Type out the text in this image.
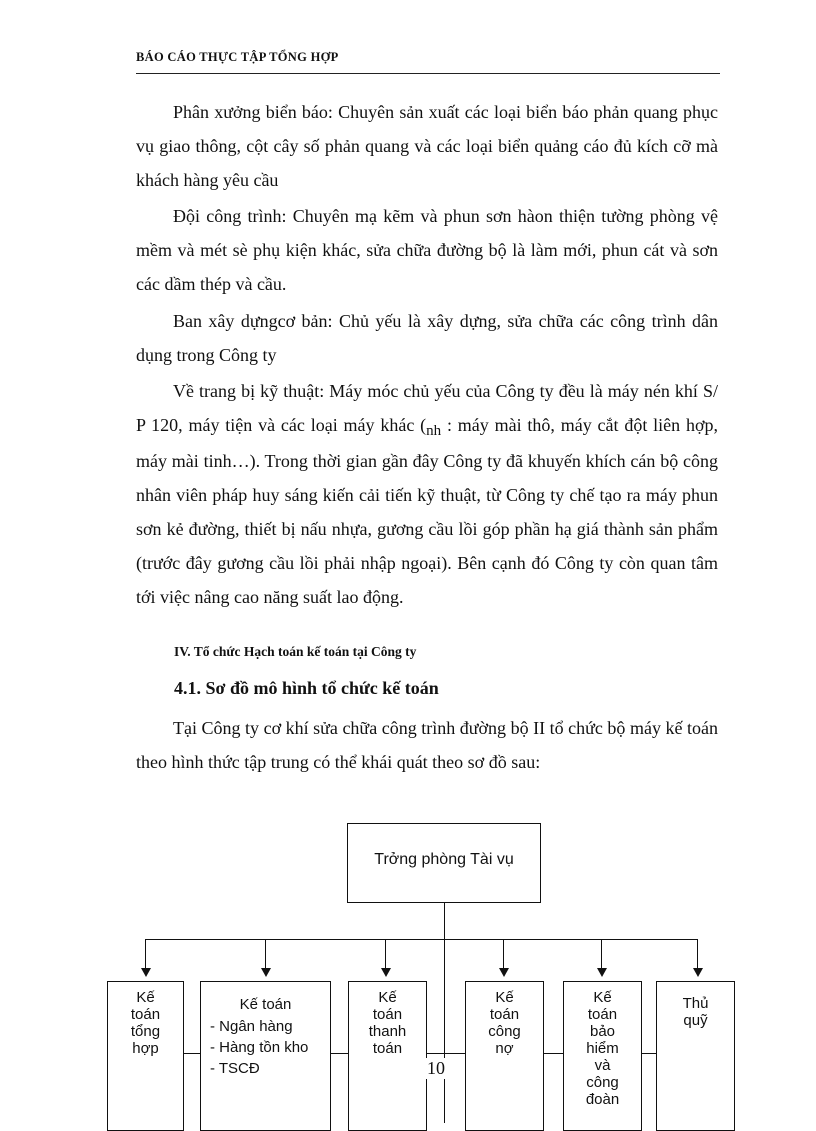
BÁO CÁO THỰC TẬP TỔNG HỢP

Phân xưởng biển báo: Chuyên sản xuất các loại biển báo phản quang phục vụ giao thông, cột cây số phản quang và các loại biển quảng cáo đủ kích cỡ mà khách hàng yêu cầu

Đội công trình: Chuyên mạ kẽm và phun sơn hàon thiện tường phòng vệ mềm và mét sè phụ kiện khác, sửa chữa đường bộ là làm mới, phun cát và sơn các dầm thép và cầu.

Ban xây dựngcơ bản: Chủ yếu là xây dựng, sửa chữa các công trình dân dụng trong Công ty

Về trang bị kỹ thuật: Máy móc chủ yếu của Công ty đều là máy nén khí S/ P 120, máy tiện và các loại máy khác ($_{nh}$ : máy mài thô, máy cắt đột liên hợp, máy mài tinh…). Trong thời gian gần đây Công ty đã khuyến khích cán bộ công nhân viên pháp huy sáng kiến cải tiến kỹ thuật, từ Công ty chế tạo ra máy phun sơn kẻ đường, thiết bị nấu nhựa, gương cầu lồi góp phần hạ giá thành sản phẩm (trước đây gương cầu lồi phải nhập ngoại). Bên cạnh đó Công ty còn quan tâm tới việc nâng cao năng suất lao động.

IV. Tổ chức Hạch toán kế toán tại Công ty
4.1. Sơ đồ mô hình tổ chức kế toán

Tại Công ty cơ khí sửa chữa công trình đường bộ II tổ chức bộ máy kế toán theo hình thức tập trung có thể khái quát theo sơ đồ sau:

Trởng phòng Tài vụ
Kế
toán
tổng
hợp
Kế toán
- Ngân hàng
- Hàng tồn kho
- TSCĐ
Kế
toán
thanh
toán
Kế
toán
công
nợ
Kế
toán
bảo
hiểm
và
công
đoàn
Thủ
quỹ
10
